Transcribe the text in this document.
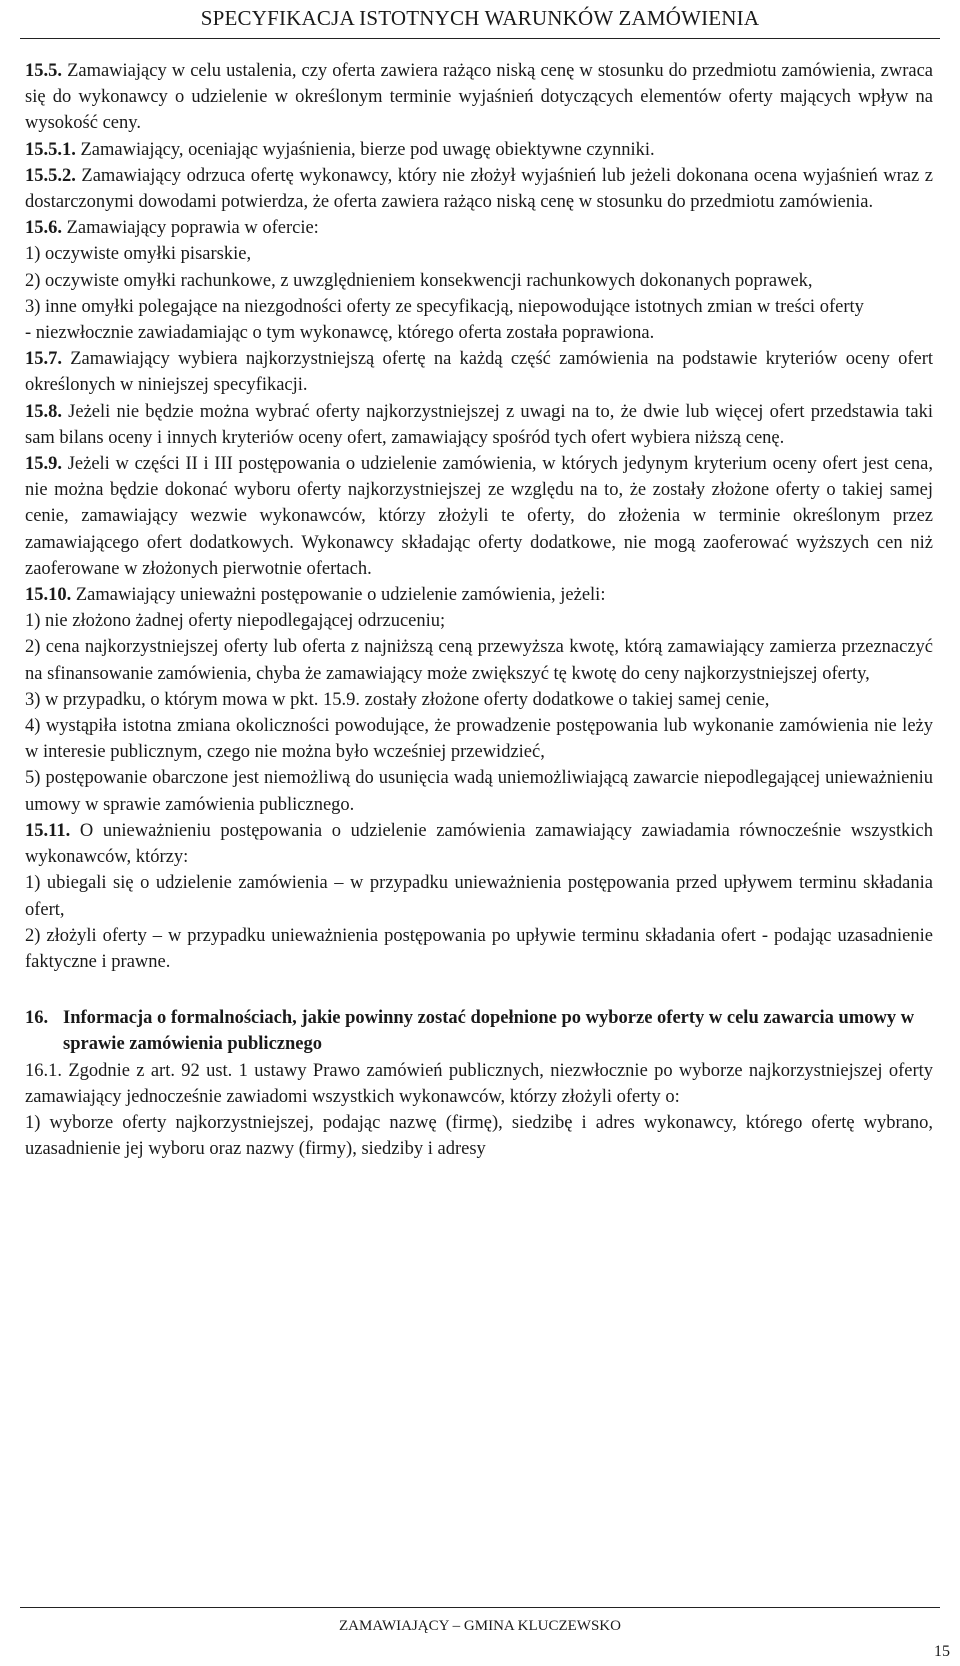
SPECYFIKACJA ISTOTNYCH WARUNKÓW ZAMÓWIENIA

15.5. Zamawiający w celu ustalenia, czy oferta zawiera rażąco niską cenę w stosunku do przedmiotu zamówienia, zwraca się do wykonawcy o udzielenie w określonym terminie wyjaśnień dotyczących elementów oferty mających wpływ na wysokość ceny.

15.5.1. Zamawiający, oceniając wyjaśnienia, bierze pod uwagę obiektywne czynniki.

15.5.2. Zamawiający odrzuca ofertę wykonawcy, który nie złożył wyjaśnień lub jeżeli dokonana ocena wyjaśnień wraz z dostarczonymi dowodami potwierdza, że oferta zawiera rażąco niską cenę w stosunku do przedmiotu zamówienia.

15.6. Zamawiający poprawia w ofercie:

1) oczywiste omyłki pisarskie,

2) oczywiste omyłki rachunkowe, z uwzględnieniem konsekwencji rachunkowych dokonanych poprawek,

3) inne omyłki polegające na niezgodności oferty ze specyfikacją, niepowodujące istotnych zmian w treści oferty

- niezwłocznie zawiadamiając o tym wykonawcę, którego oferta została poprawiona.

15.7. Zamawiający wybiera najkorzystniejszą ofertę na każdą część zamówienia na podstawie kryteriów oceny ofert określonych w niniejszej specyfikacji.

15.8. Jeżeli nie będzie można wybrać oferty najkorzystniejszej z uwagi na to, że dwie lub więcej ofert przedstawia taki sam bilans oceny i innych kryteriów oceny ofert, zamawiający spośród tych ofert wybiera niższą cenę.

15.9. Jeżeli w części II i III postępowania o udzielenie zamówienia, w których jedynym kryterium oceny ofert jest cena, nie można będzie dokonać wyboru oferty najkorzystniejszej ze względu na to, że zostały złożone oferty o takiej samej cenie, zamawiający wezwie wykonawców, którzy złożyli te oferty, do złożenia w terminie określonym przez zamawiającego ofert dodatkowych. Wykonawcy składając oferty dodatkowe, nie mogą zaoferować wyższych cen niż zaoferowane w złożonych pierwotnie ofertach.

15.10. Zamawiający unieważni postępowanie o udzielenie zamówienia, jeżeli:

1) nie złożono żadnej oferty niepodlegającej odrzuceniu;

2) cena najkorzystniejszej oferty lub oferta z najniższą ceną przewyższa kwotę, którą zamawiający zamierza przeznaczyć na sfinansowanie zamówienia, chyba że zamawiający może zwiększyć tę kwotę do ceny najkorzystniejszej oferty,

3) w przypadku, o którym mowa w pkt. 15.9. zostały złożone oferty dodatkowe o takiej samej cenie,

4) wystąpiła istotna zmiana okoliczności powodujące, że prowadzenie postępowania lub wykonanie zamówienia nie leży w interesie publicznym, czego nie można było wcześniej przewidzieć,

5) postępowanie obarczone jest niemożliwą do usunięcia wadą uniemożliwiającą zawarcie niepodlegającej unieważnieniu umowy w sprawie zamówienia publicznego.

15.11. O unieważnieniu postępowania o udzielenie zamówienia zamawiający zawiadamia równocześnie wszystkich wykonawców, którzy:

1) ubiegali się o udzielenie zamówienia – w przypadku unieważnienia postępowania przed upływem terminu składania ofert,

2) złożyli oferty – w przypadku unieważnienia postępowania po upływie terminu składania ofert - podając uzasadnienie faktyczne i prawne.

16. Informacja o formalnościach, jakie powinny zostać dopełnione po wyborze oferty w celu zawarcia umowy w sprawie zamówienia publicznego

16.1. Zgodnie z art. 92 ust. 1 ustawy Prawo zamówień publicznych, niezwłocznie po wyborze najkorzystniejszej oferty zamawiający jednocześnie zawiadomi wszystkich wykonawców, którzy złożyli oferty o:

1) wyborze oferty najkorzystniejszej, podając nazwę (firmę), siedzibę i adres wykonawcy, którego ofertę wybrano, uzasadnienie jej wyboru oraz nazwy (firmy), siedziby i adresy

ZAMAWIAJĄCY – GMINA KLUCZEWSKO
15
